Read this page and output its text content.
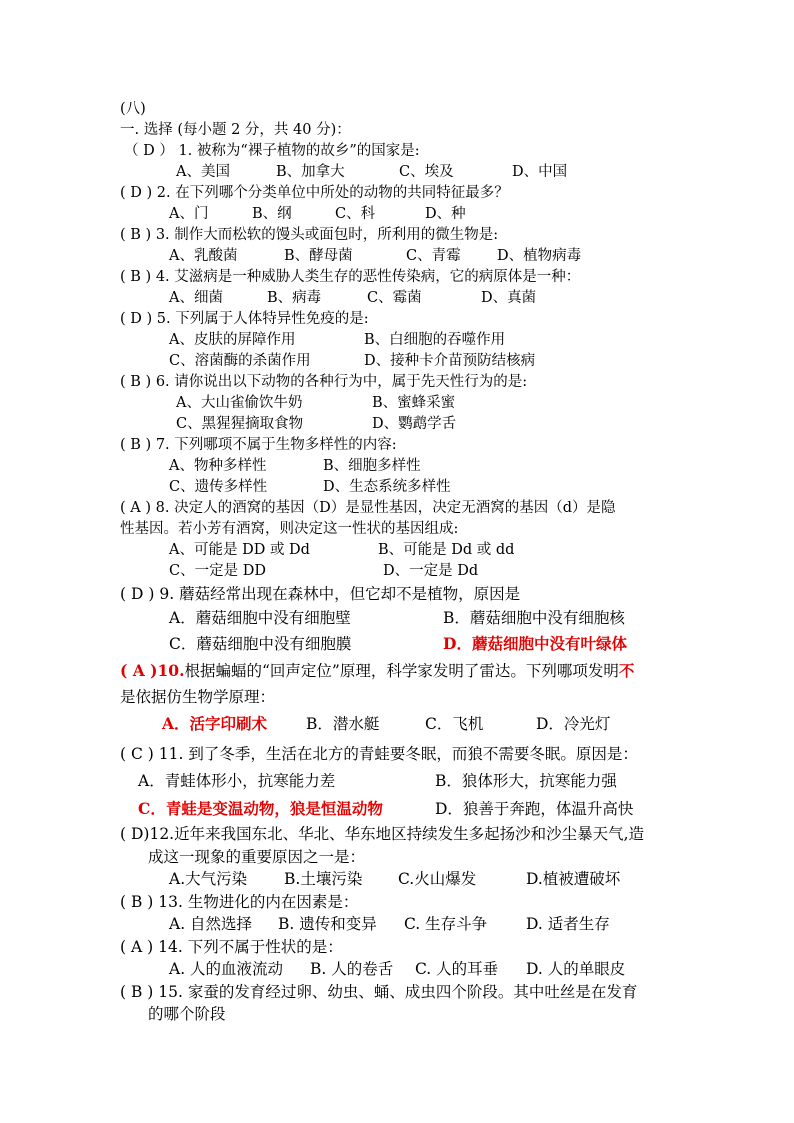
(八)
一. 选择 (每小题 2 分，共 40 分)：
（ D ） 1. 被称为“裸子植物的故乡”的国家是:
A、美国	B、加拿大	C、埃及	D、中国
( D ) 2. 在下列哪个分类单位中所处的动物的共同特征最多？
A、门	B、纲	C、科	D、种
( B ) 3. 制作大而松软的馒头或面包时，所利用的微生物是:
A、乳酸菌	B、酵母菌	C、青霉	D、植物病毒
( B ) 4. 艾滋病是一种威胁人类生存的恶性传染病，它的病原体是一种：
A、细菌	B、病毒	C、霉菌	D、真菌
( D ) 5. 下列属于人体特异性免疫的是:
A、皮肤的屏障作用	B、白细胞的吞噬作用
C、溶菌酶的杀菌作用	D、接种卡介苗预防结核病
( B ) 6. 请你说出以下动物的各种行为中，属于先天性行为的是:
A、大山雀偷饮牛奶	B、蜜蜂采蜜
C、黑猩猩摘取食物	D、鹦鹉学舌
( B ) 7. 下列哪项不属于生物多样性的内容:
A、物种多样性	B、细胞多样性
C、遗传多样性	D、生态系统多样性
( A ) 8. 决定人的酒窝的基因（D）是显性基因，决定无酒窝的基因（d）是隐
性基因。若小芳有酒窝，则决定这一性状的基因组成:
A、可能是 DD 或 Dd	B、可能是 Dd 或 dd
C、一定是 DD	D、一定是 Dd
( D ) 9. 蘑菇经常出现在森林中，但它却不是植物，原因是
A．蘑菇细胞中没有细胞壁	B．蘑菇细胞中没有细胞核
C．蘑菇细胞中没有细胞膜	D．蘑菇细胞中没有叶绿体
( A )10.根据蝙蝠的“回声定位”原理，科学家发明了雷达。下列哪项发明不
是依据仿生物学原理：
A．活字印刷术	B．潜水艇	C．飞机	D．冷光灯
( C ) 11. 到了冬季，生活在北方的青蛙要冬眠，而狼不需要冬眠。原因是：
A．青蛙体形小，抗寒能力差	B．狼体形大，抗寒能力强
C．青蛙是变温动物，狼是恒温动物	D．狼善于奔跑，体温升高快
( D)12.近年来我国东北、华北、华东地区持续发生多起扬沙和沙尘暴天气,造
成这一现象的重要原因之一是：
A.大气污染 B.土壤污染 C.火山爆发	D.植被遭破坏
( B ) 13. 生物进化的内在因素是：
A. 自然选择 B. 遗传和变异 C. 生存斗争	D. 适者生存
( A ) 14. 下列不属于性状的是：
A. 人的血液流动 B. 人的卷舌 C. 人的耳垂 D. 人的单眼皮
( B ) 15. 家蚕的发育经过卵、幼虫、蛹、成虫四个阶段。其中吐丝是在发育
的哪个阶段
